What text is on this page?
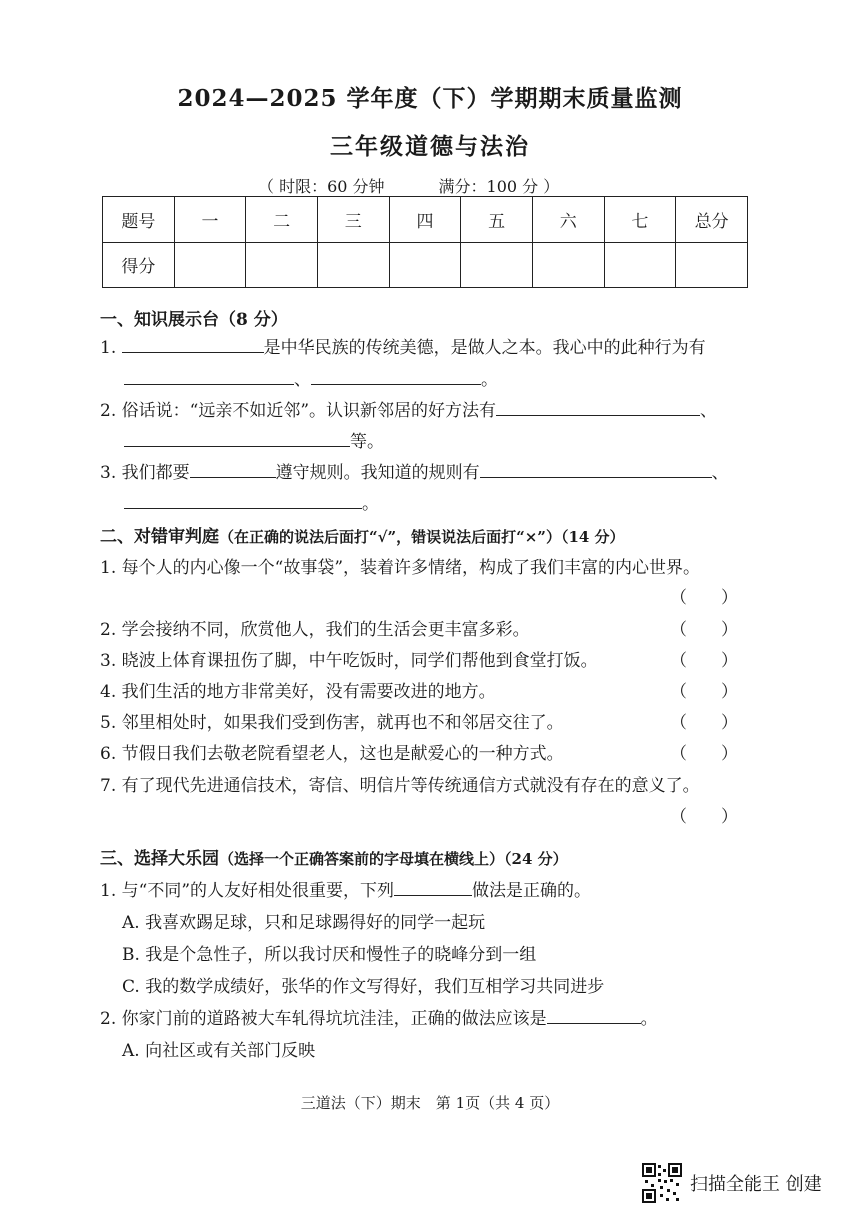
2024—2025 学年度（下）学期期末质量监测
三年级道德与法治
（ 时限：60 分钟	满分：100 分 ）
题号	一	二	三	四	五	六	七	总分
得分								
一、知识展示台（8 分）
1.	是中华民族的传统美德，是做人之本。我心中的此种行为有
、	。
2. 俗话说：“远亲不如近邻”。认识新邻居的好方法有	、
等。
3. 我们都要	遵守规则。我知道的规则有	、
。
二、对错审判庭（在正确的说法后面打“√”，错误说法后面打“×”）（14 分）
1. 每个人的内心像一个“故事袋”，装着许多情绪，构成了我们丰富的内心世界。
（　　）
2. 学会接纳不同，欣赏他人，我们的生活会更丰富多彩。	（　　）
3. 晓波上体育课扭伤了脚，中午吃饭时，同学们帮他到食堂打饭。	（　　）
4. 我们生活的地方非常美好，没有需要改进的地方。	（　　）
5. 邻里相处时，如果我们受到伤害，就再也不和邻居交往了。	（　　）
6. 节假日我们去敬老院看望老人，这也是献爱心的一种方式。	（　　）
7. 有了现代先进通信技术，寄信、明信片等传统通信方式就没有存在的意义了。
（　　）
三、选择大乐园（选择一个正确答案前的字母填在横线上）（24 分）
1. 与“不同”的人友好相处很重要，下列	做法是正确的。
A. 我喜欢踢足球，只和足球踢得好的同学一起玩
B. 我是个急性子，所以我讨厌和慢性子的晓峰分到一组
C. 我的数学成绩好，张华的作文写得好，我们互相学习共同进步
2. 你家门前的道路被大车轧得坑坑洼洼，正确的做法应该是	。
A. 向社区或有关部门反映
三道法（下）期末　第 1页（共 4 页）
扫描全能王 创建
